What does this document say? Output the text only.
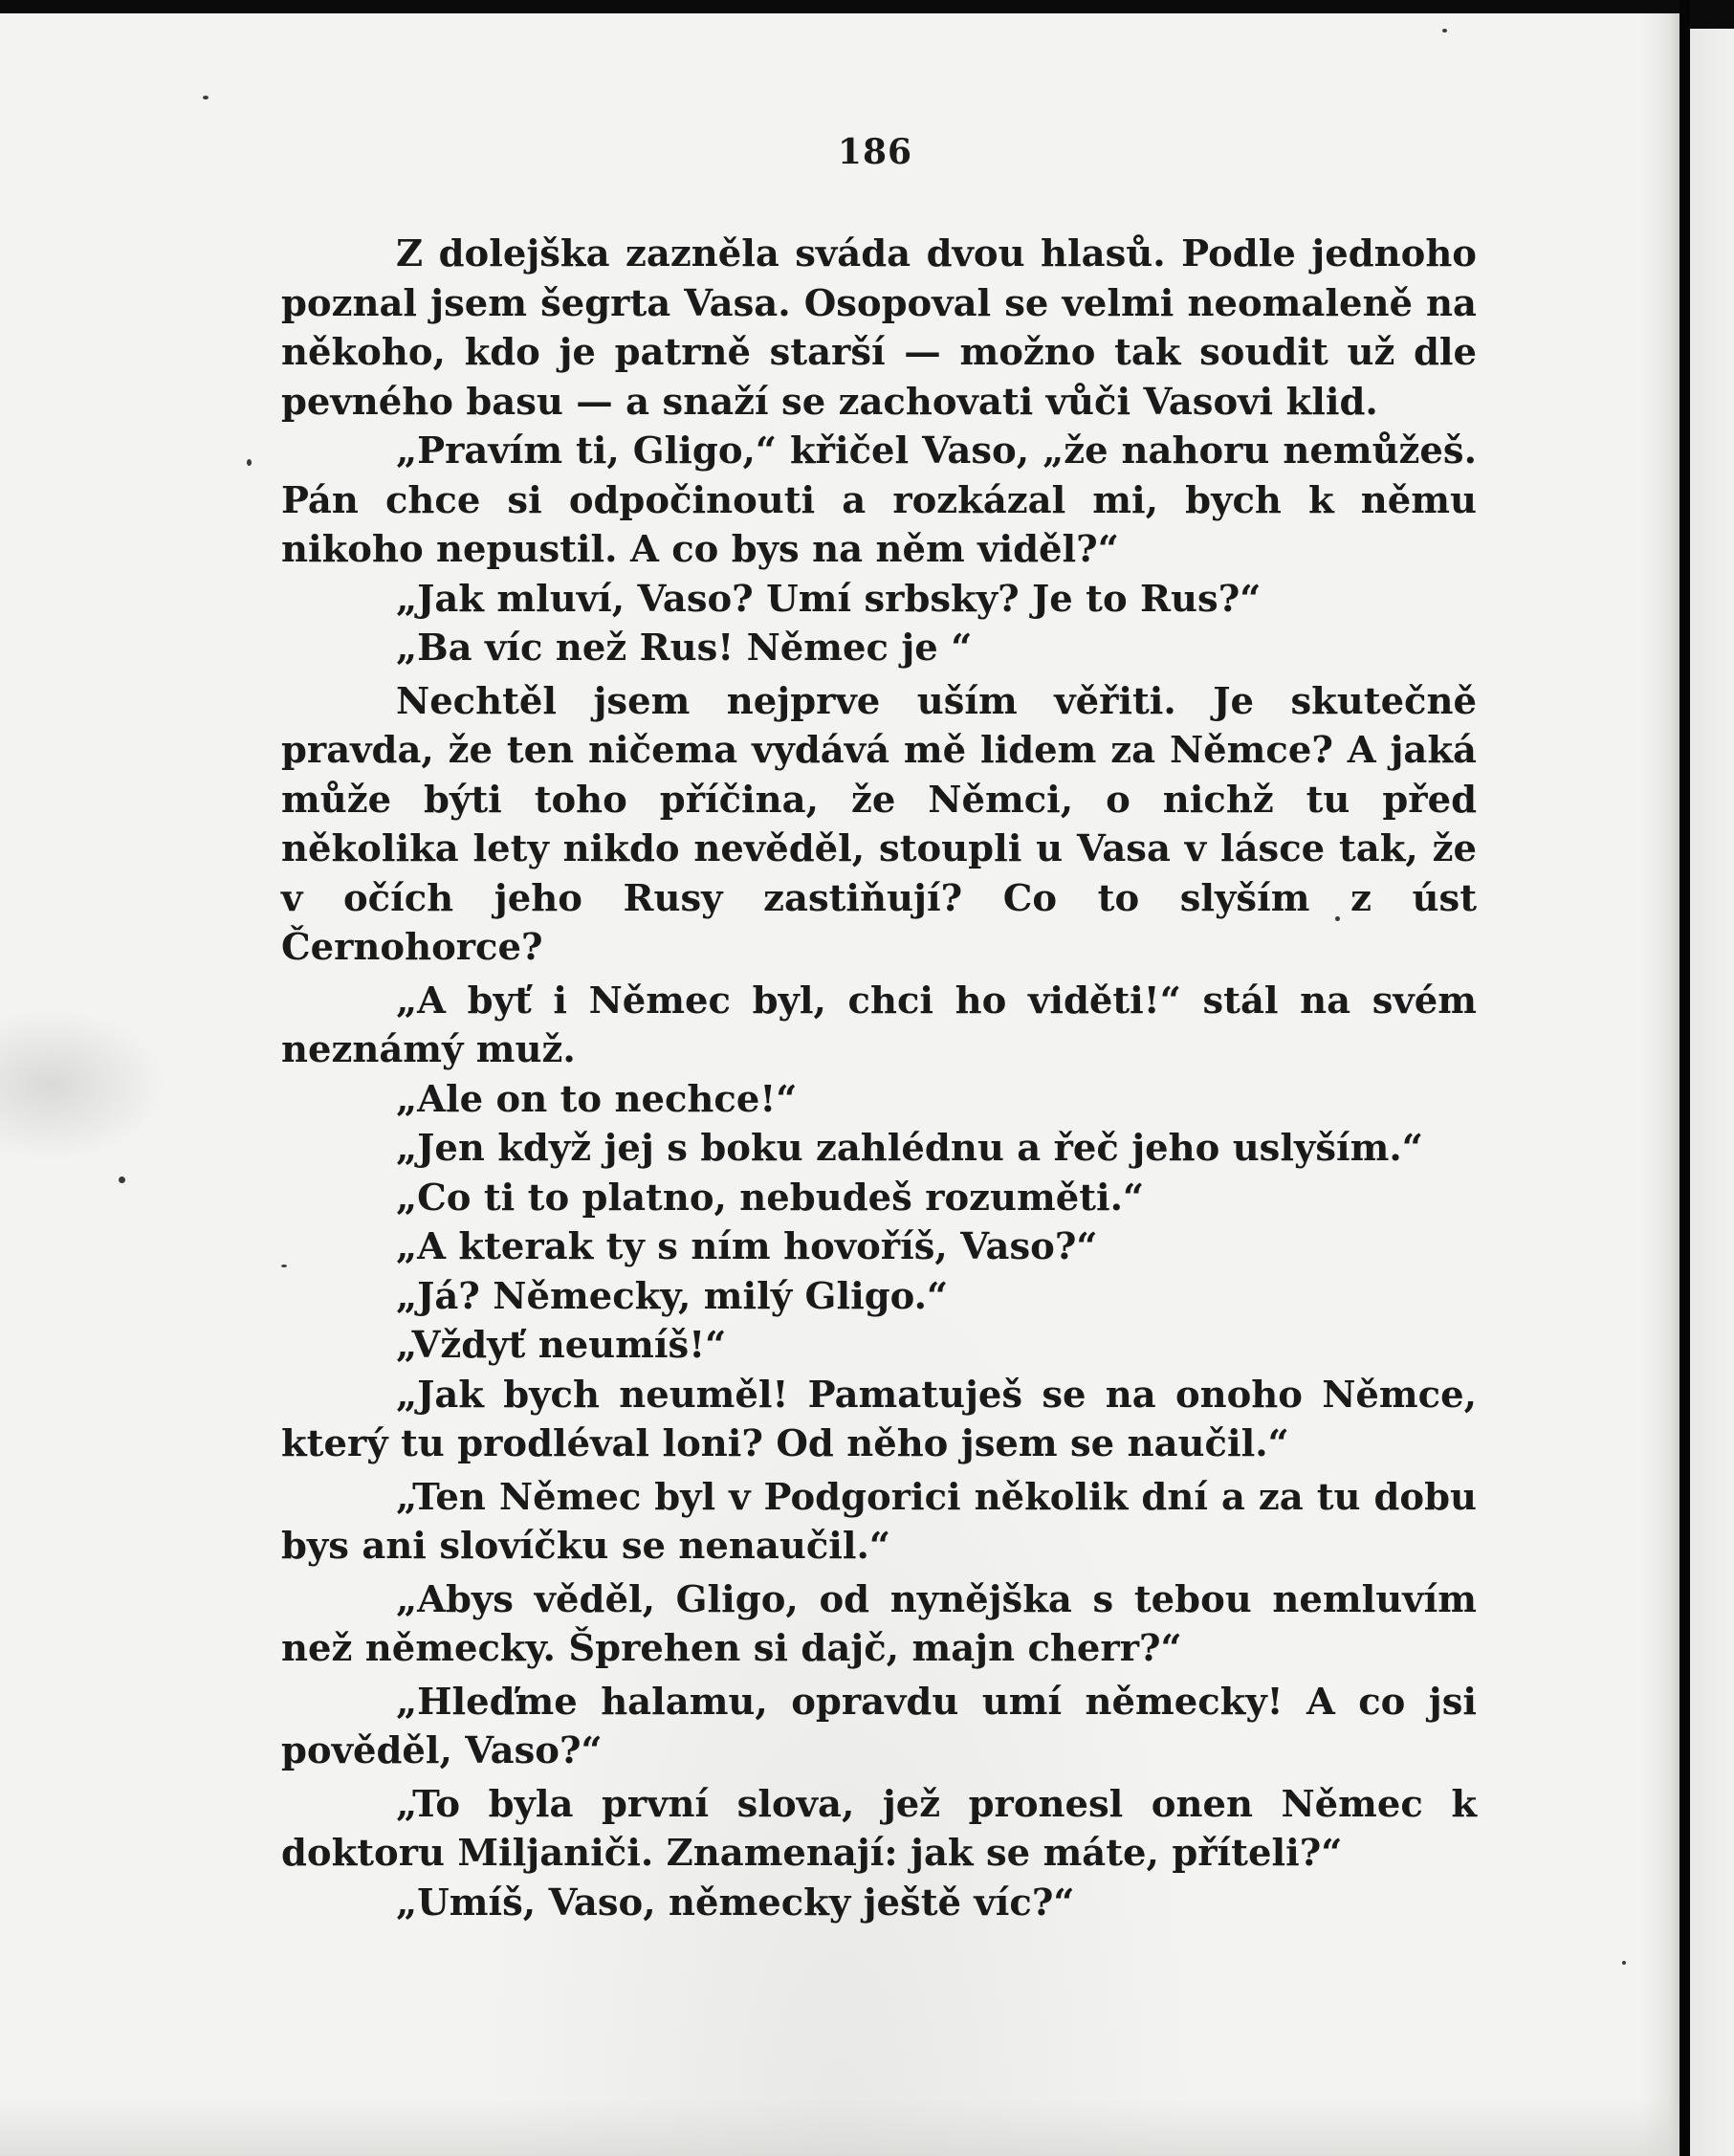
186

Z dolejška zazněla sváda dvou hlasů. Podle jednoho poznal jsem šegrta Vasa. Osopoval se velmi neomaleně na někoho, kdo je patrně starší — možno tak soudit už dle pevného basu — a snaží se zachovati vůči Vasovi klid.

„Pravím ti, Gligo,“ křičel Vaso, „že nahoru nemůžeš. Pán chce si odpočinouti a rozkázal mi, bych k němu nikoho nepustil. A co bys na něm viděl?“

„Jak mluví, Vaso? Umí srbsky? Je to Rus?“

„Ba víc než Rus! Němec je “

Nechtěl jsem nejprve uším věřiti. Je skutečně pravda, že ten ničema vydává mě lidem za Němce? A jaká může býti toho příčina, že Němci, o nichž tu před několika lety nikdo nevěděl, stoupli u Vasa v lásce tak, že v očích jeho Rusy zastiňují? Co to slyším z úst Černohorce?

„A byť i Němec byl, chci ho viděti!“ stál na svém neznámý muž.

„Ale on to nechce!“

„Jen když jej s boku zahlédnu a řeč jeho uslyším.“

„Co ti to platno, nebudeš rozuměti.“

„A kterak ty s ním hovoříš, Vaso?“

„Já? Německy, milý Gligo.“

„Vždyť neumíš!“

„Jak bych neuměl! Pamatuješ se na onoho Němce, který tu prodléval loni? Od něho jsem se naučil.“

„Ten Němec byl v Podgorici několik dní a za tu dobu bys ani slovíčku se nenaučil.“

„Abys věděl, Gligo, od nynějška s tebou nemluvím než německy. Šprehen si dajč, majn cherr?“

„Hleďme halamu, opravdu umí německy! A co jsi pověděl, Vaso?“

„To byla první slova, jež pronesl onen Němec k doktoru Miljaniči. Znamenají: jak se máte, příteli?“

„Umíš, Vaso, německy ještě víc?“
